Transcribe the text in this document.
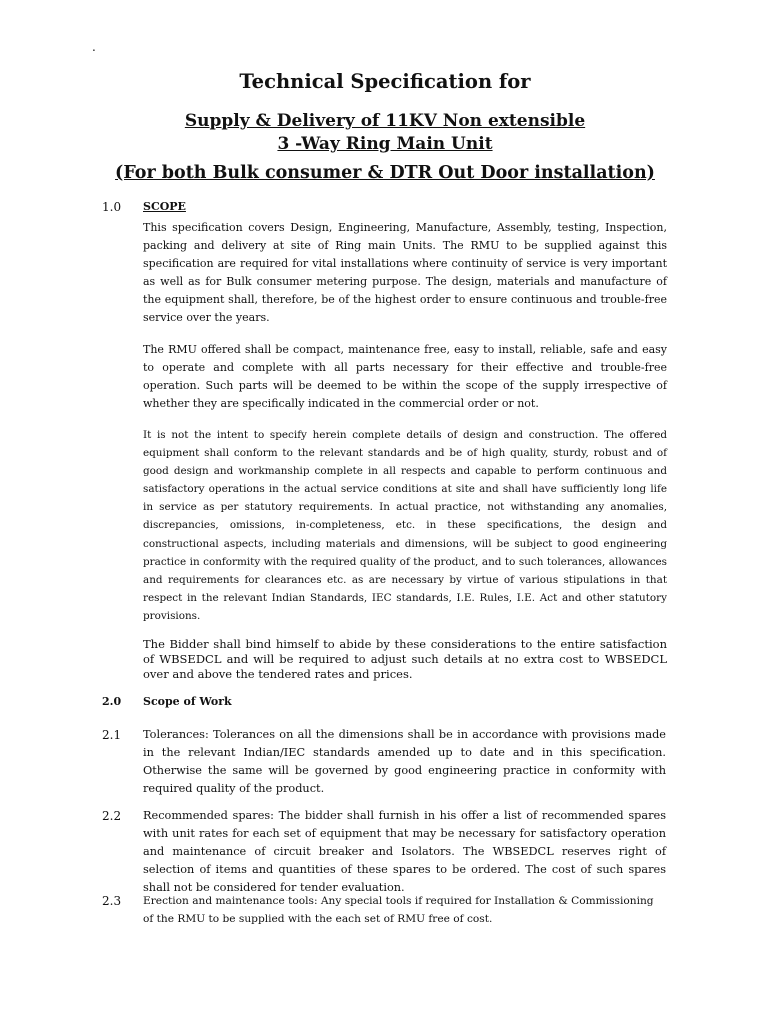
.
Technical Specification for
Supply & Delivery of 11KV Non extensible
3 -Way Ring Main Unit
(For both Bulk consumer & DTR Out Door installation)
1.0 SCOPE

This specification covers Design, Engineering, Manufacture, Assembly, testing, Inspection, packing and delivery at site of Ring main Units. The RMU to be supplied against this specification are required for vital installations where continuity of service is very important as well as for Bulk consumer metering purpose. The design, materials and manufacture of the equipment shall, therefore, be of the highest order to ensure continuous and trouble-free service over the years.

The RMU offered shall be compact, maintenance free, easy to install, reliable, safe and easy to operate and complete with all parts necessary for their effective and trouble-free operation. Such parts will be deemed to be within the scope of the supply irrespective of whether they are specifically indicated in the commercial order or not.

It is not the intent to specify herein complete details of design and construction. The offered equipment shall conform to the relevant standards and be of high quality, sturdy, robust and of good design and workmanship complete in all respects and capable to perform continuous and satisfactory operations in the actual service conditions at site and shall have sufficiently long life in service as per statutory requirements. In actual practice, not withstanding any anomalies, discrepancies, omissions, in-completeness, etc. in these specifications, the design and constructional aspects, including materials and dimensions, will be subject to good engineering practice in conformity with the required quality of the product, and to such tolerances, allowances and requirements for clearances etc. as are necessary by virtue of various stipulations in that respect in the relevant Indian Standards, IEC standards, I.E. Rules, I.E. Act and other statutory provisions.

The Bidder shall bind himself to abide by these considerations to the entire satisfaction of WBSEDCL and will be required to adjust such details at no extra cost to WBSEDCL over and above the tendered rates and prices.

2.0 Scope of Work
2.1 Tolerances: Tolerances on all the dimensions shall be in accordance with provisions made in the relevant Indian/IEC standards amended up to date and in this specification. Otherwise the same will be governed by good engineering practice in conformity with required quality of the product.

2.2 Recommended spares: The bidder shall furnish in his offer a list of recommended spares with unit rates for each set of equipment that may be necessary for satisfactory operation and maintenance of circuit breaker and Isolators. The WBSEDCL reserves right of selection of items and quantities of these spares to be ordered. The cost of such spares shall not be considered for tender evaluation.

2.3 Erection and maintenance tools: Any special tools if required for Installation & Commissioning of the RMU to be supplied with the each set of RMU free of cost.
